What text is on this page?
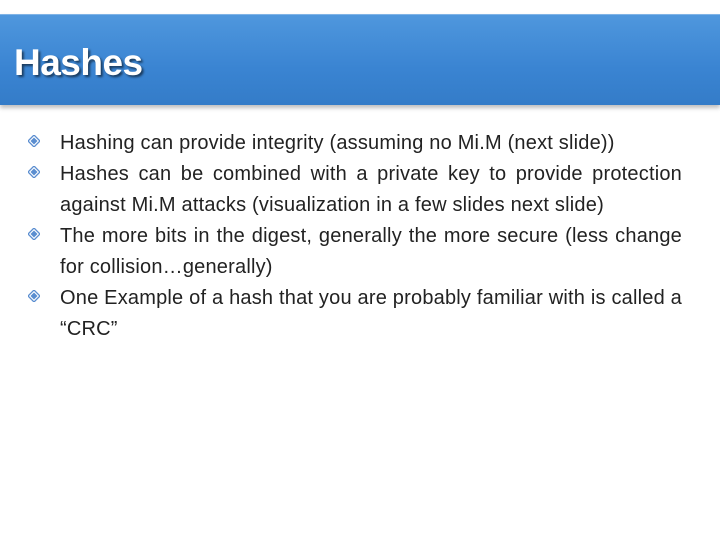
Hashes
Hashing can provide integrity (assuming no Mi.M (next slide))
Hashes can be combined with a private key to provide protection against Mi.M attacks (visualization in a few slides next slide)
The more bits in the digest, generally the more secure (less change for collision…generally)
One Example of a hash that you are probably familiar with is called a “CRC”
